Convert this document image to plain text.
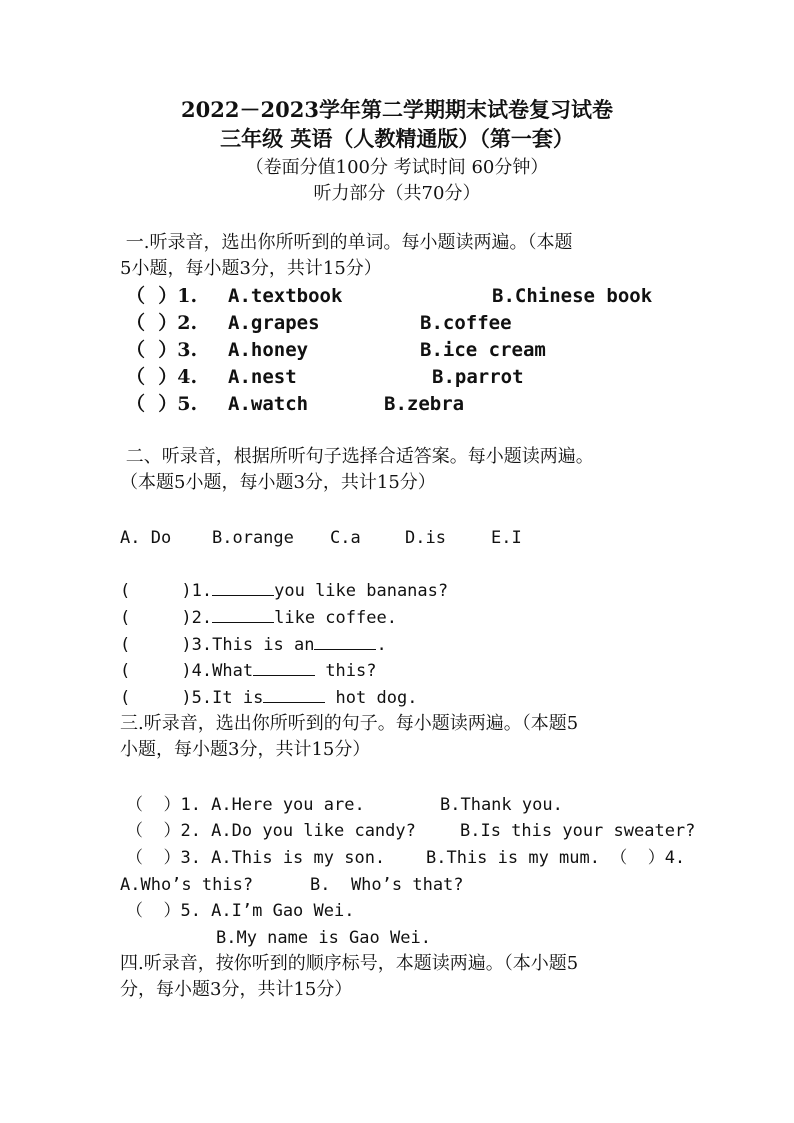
2022－2023学年第二学期期末试卷复习试卷
三年级 英语（人教精通版）（第一套）
（卷面分值100分 考试时间 60分钟）
听力部分（共70分）
一.听录音，选出你所听到的单词。每小题读两遍。（本题
5小题，每小题3分，共计15分）
（  ）1. A.textbook	B.Chinese book
（  ）2. A.grapes	B.coffee
（  ）3. A.honey	B.ice cream
（  ）4. A.nest	B.parrot
（  ）5. A.watch	B.zebra
二、听录音，根据所听句子选择合适答案。每小题读两遍。
（本题5小题，每小题3分，共计15分）
A. Do B.orange C.a	D.is	E.I
(     )1.	you like bananas?
(     )2.	like coffee.
(     )3.This is an	.
(     )4.What	this?
(     )5.It is	hot dog.
三.听录音，选出你所听到的句子。每小题读两遍。（本题5
小题，每小题3分，共计15分）
（  ）1. A.Here you are.	B.Thank you.
（  ）2. A.Do you like candy?	B.Is this your sweater?
（  ）3. A.This is my son. B.This is my mum. （  ）4.
A.Who’s this?	B.  Who’s that?
（  ）5. A.I’m Gao Wei.
B.My name is Gao Wei.
四.听录音，按你听到的顺序标号，本题读两遍。（本小题5
分，每小题3分，共计15分）
